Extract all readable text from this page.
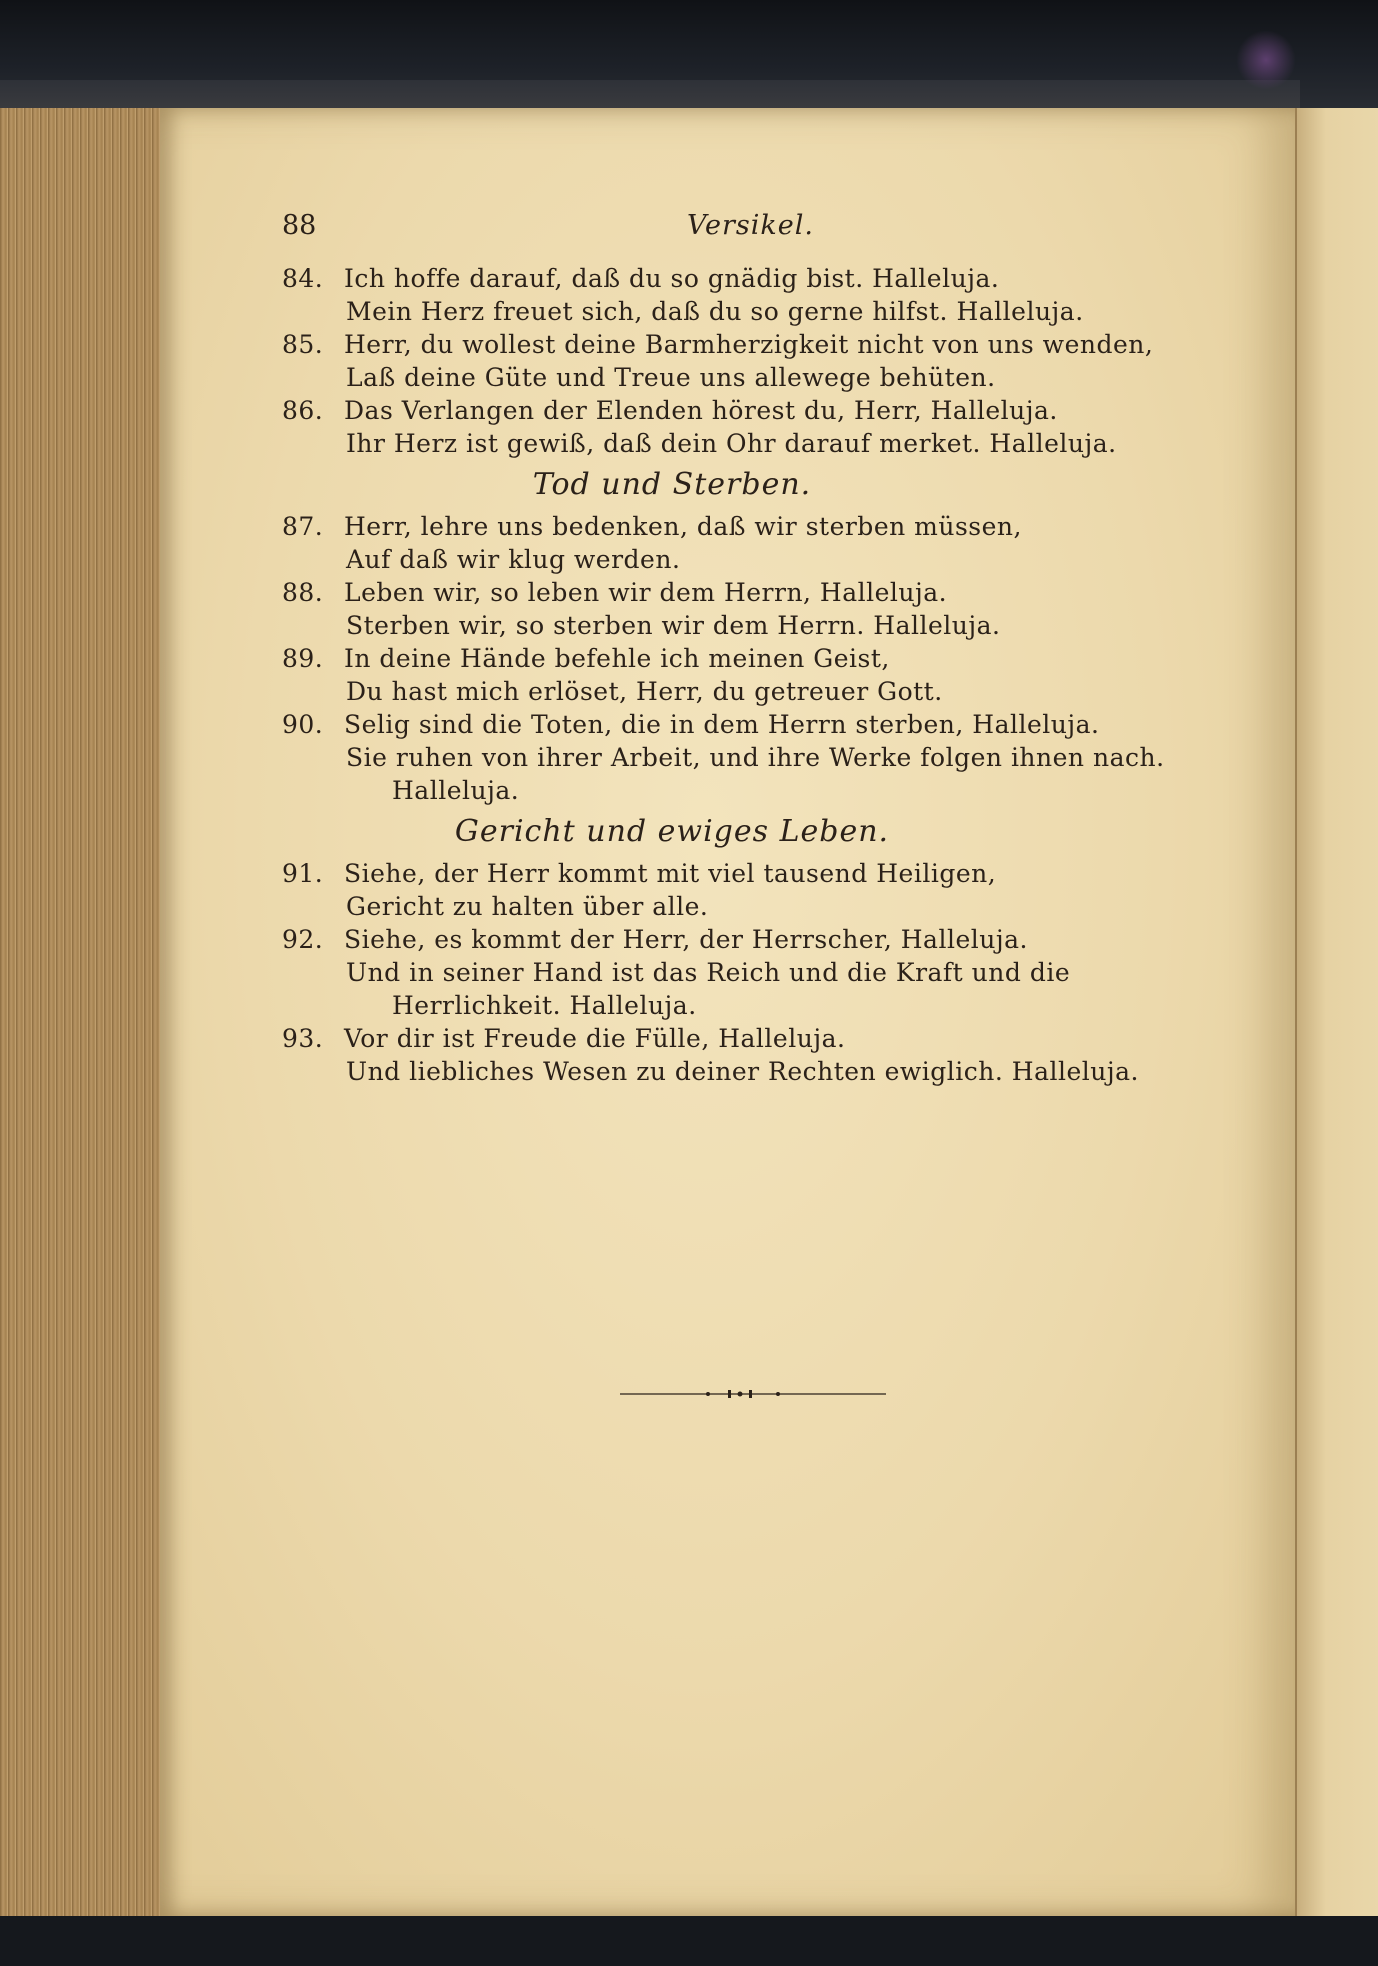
88	Versikel.
84. Ich hoffe darauf, daß du so gnädig bist. Halleluja.
Mein Herz freuet sich, daß du so gerne hilfst. Halleluja.
85. Herr, du wollest deine Barmherzigkeit nicht von uns wenden,
Laß deine Güte und Treue uns allewege behüten.
86. Das Verlangen der Elenden hörest du, Herr, Halleluja.
Ihr Herz ist gewiß, daß dein Ohr darauf merket. Halleluja.
Tod und Sterben.
87. Herr, lehre uns bedenken, daß wir sterben müssen,
Auf daß wir klug werden.
88. Leben wir, so leben wir dem Herrn, Halleluja.
Sterben wir, so sterben wir dem Herrn. Halleluja.
89. In deine Hände befehle ich meinen Geist,
Du hast mich erlöset, Herr, du getreuer Gott.
90. Selig sind die Toten, die in dem Herrn sterben, Halleluja.
Sie ruhen von ihrer Arbeit, und ihre Werke folgen ihnen nach.
Halleluja.
Gericht und ewiges Leben.
91. Siehe, der Herr kommt mit viel tausend Heiligen,
Gericht zu halten über alle.
92. Siehe, es kommt der Herr, der Herrscher, Halleluja.
Und in seiner Hand ist das Reich und die Kraft und die
Herrlichkeit. Halleluja.
93. Vor dir ist Freude die Fülle, Halleluja.
Und liebliches Wesen zu deiner Rechten ewiglich. Halleluja.
